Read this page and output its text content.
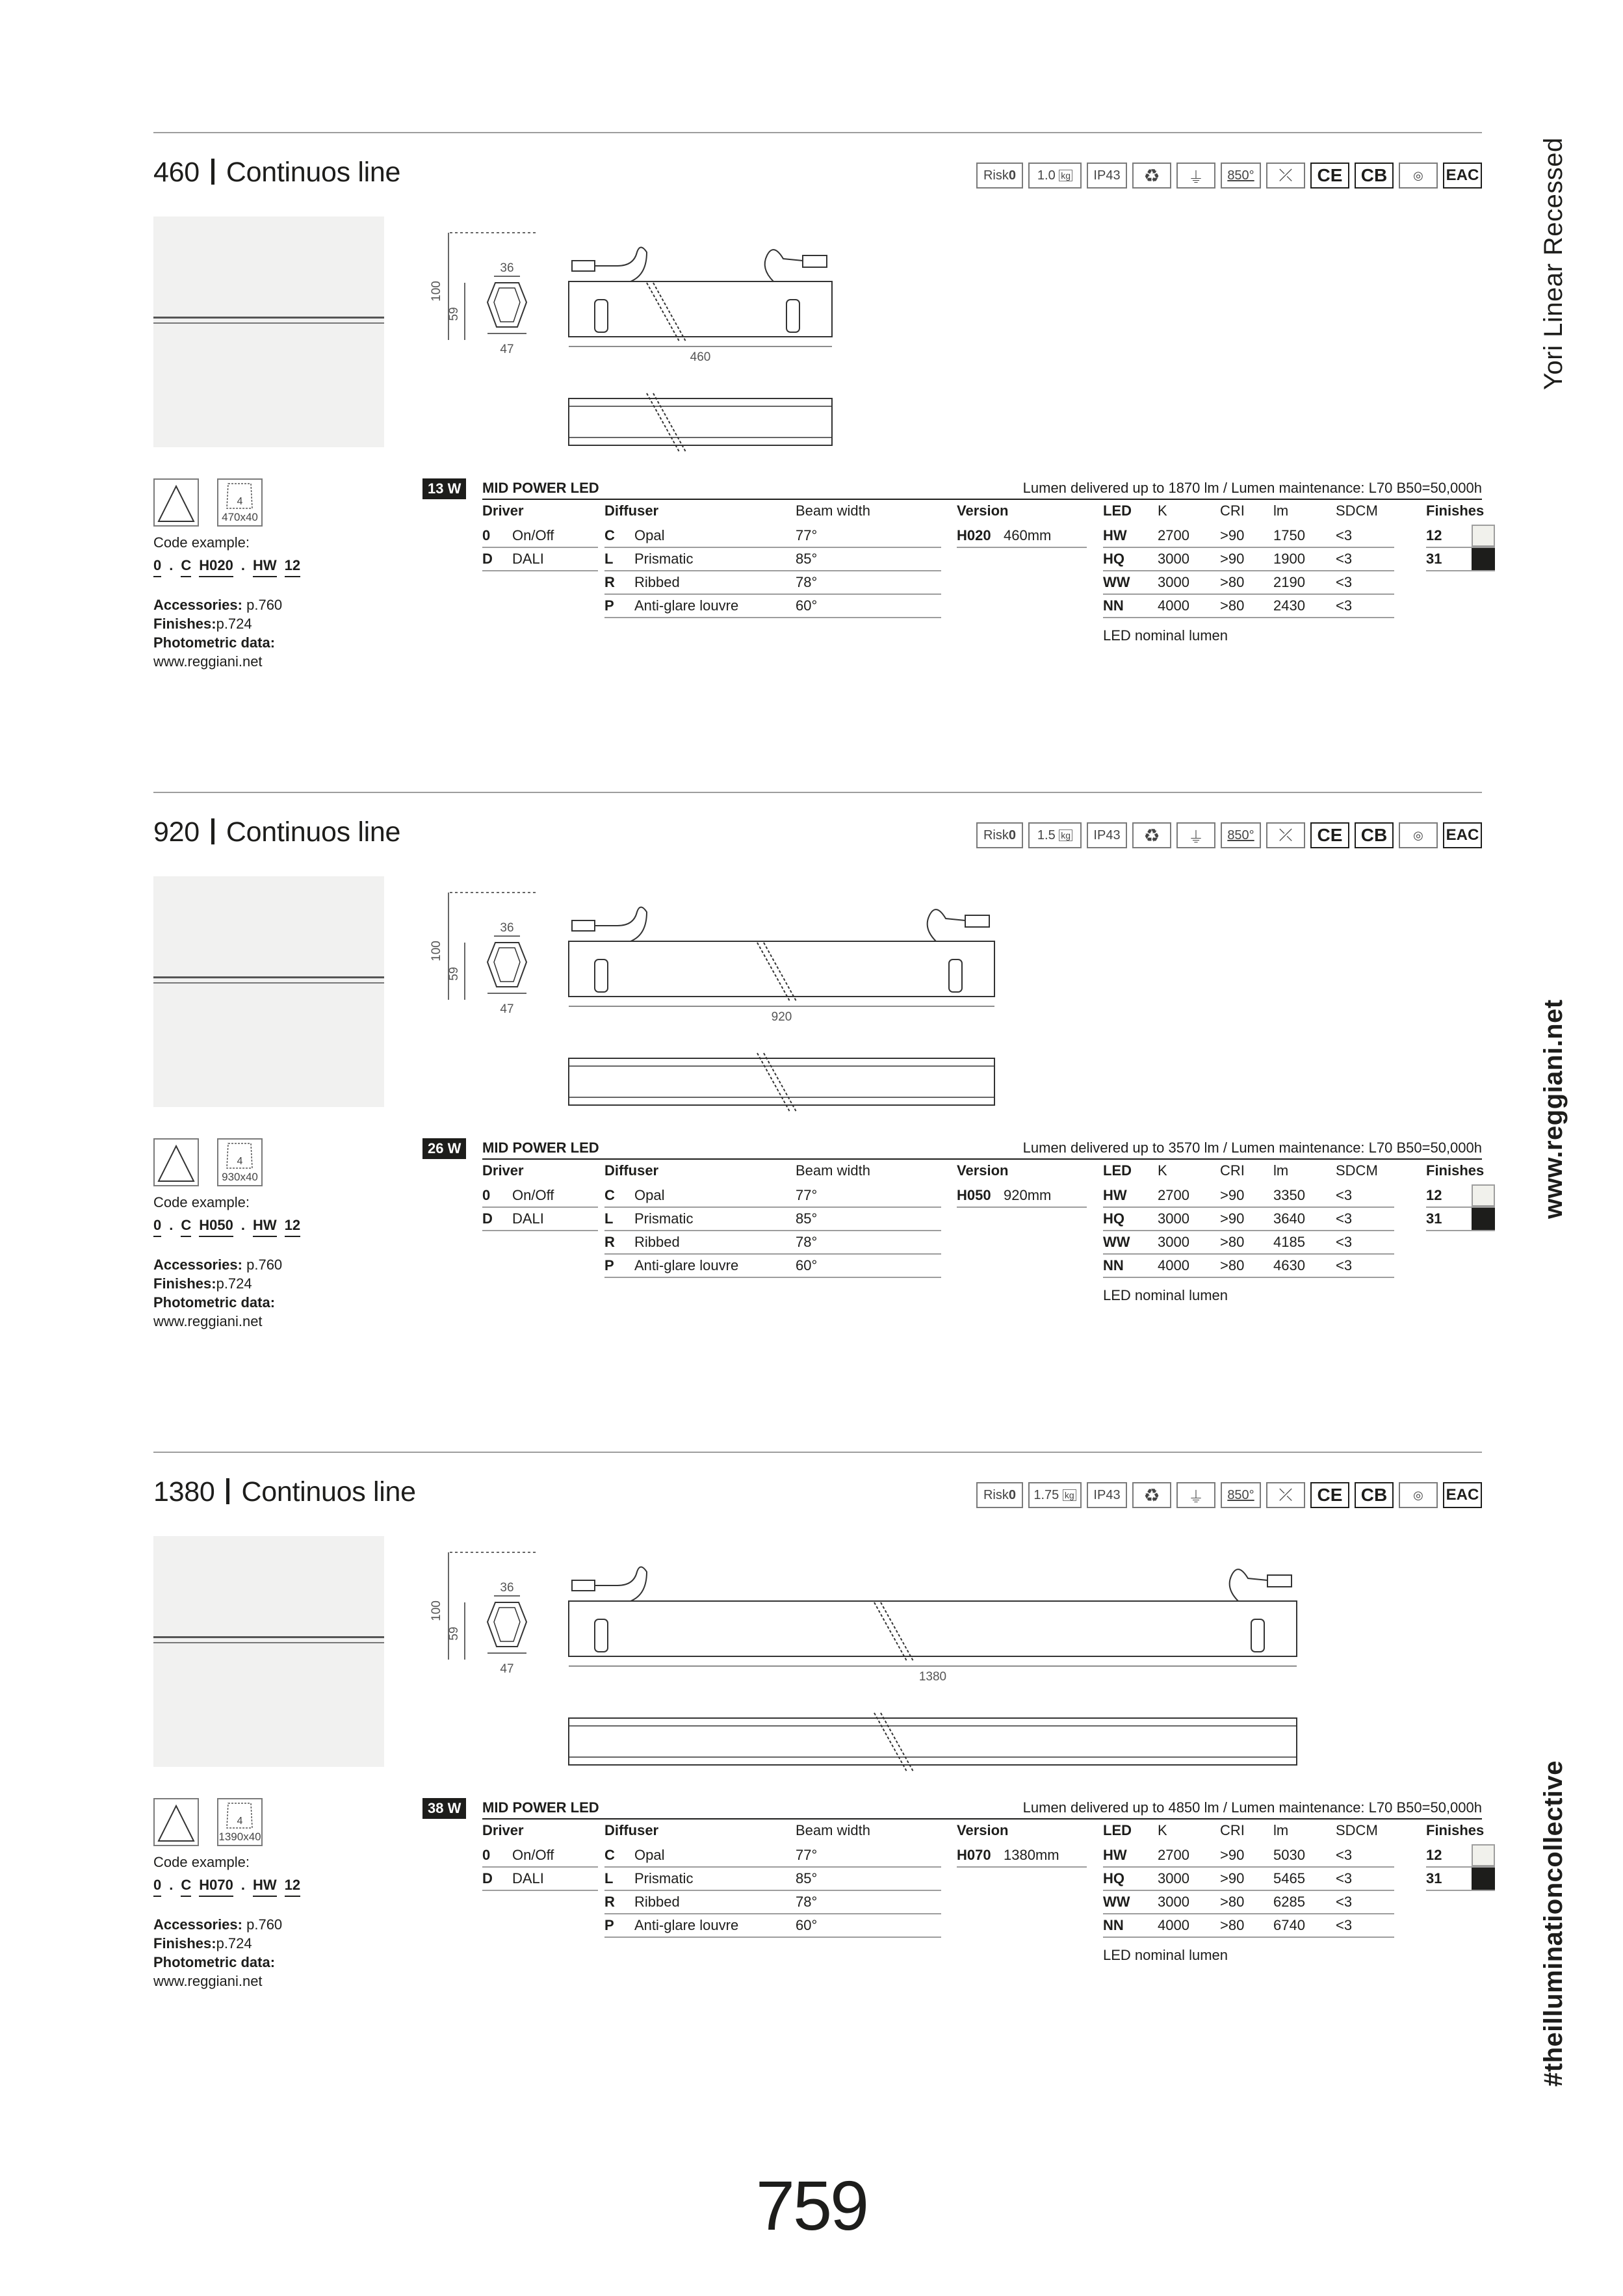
Yori Linear Recessed
www.reggiani.net
#theilluminationcollective
759
460 Continuos line	Risk 0 1.0
kg	IP43	♻	⏚	850°	⤫	CE	CB	◎	EAC
100
59
36
47
460
4
470x40
Code example:
0 . C H020 . HW 12
Accessories: p.760
Finishes:p.724
Photometric data:
www.reggiani.net
13 W	MID POWER LED	Lumen delivered up to 1870 lm / Lumen maintenance: L70 B50=50,000h
Driver
0	On/Off
D	DALI
Diffuser	Beam width
C	Opal	77°
L	Prismatic	85°
R	Ribbed	78°
P	Anti-glare louvre	60°
Version
H020 460mm
LED	K	CRI	lm	SDCM
HW	2700	>90	1750	<3
HQ	3000	>90	1900	<3
WW	3000	>80	2190	<3
NN	4000	>80	2430	<3
LED nominal lumen
Finishes
12
31
920 Continuos line	Risk 0 1.5
kg	IP43	♻	⏚	850°	⤫	CE	CB	◎	EAC
100
59
36
47
920
4
930x40
Code example:
0 . C H050 . HW 12
Accessories: p.760
Finishes:p.724
Photometric data:
www.reggiani.net
26 W	MID POWER LED	Lumen delivered up to 3570 lm / Lumen maintenance: L70 B50=50,000h
Driver
0	On/Off
D	DALI
Diffuser	Beam width
C	Opal	77°
L	Prismatic	85°
R	Ribbed	78°
P	Anti-glare louvre	60°
Version
H050 920mm
LED	K	CRI	lm	SDCM
HW	2700	>90	3350	<3
HQ	3000	>90	3640	<3
WW	3000	>80	4185	<3
NN	4000	>80	4630	<3
LED nominal lumen
Finishes
12
31
1380 Continuos line	Risk 0 1.75
kg	IP43	♻	⏚	850°	⤫	CE	CB	◎	EAC
100
59
36
47
1380
4
1390x40
Code example:
0 . C H070 . HW 12
Accessories: p.760
Finishes:p.724
Photometric data:
www.reggiani.net
38 W	MID POWER LED	Lumen delivered up to 4850 lm / Lumen maintenance: L70 B50=50,000h
Driver
0	On/Off
D	DALI
Diffuser	Beam width
C	Opal	77°
L	Prismatic	85°
R	Ribbed	78°
P	Anti-glare louvre	60°
Version
H070 1380mm
LED	K	CRI	lm	SDCM
HW	2700	>90	5030	<3
HQ	3000	>90	5465	<3
WW	3000	>80	6285	<3
NN	4000	>80	6740	<3
LED nominal lumen
Finishes
12
31
